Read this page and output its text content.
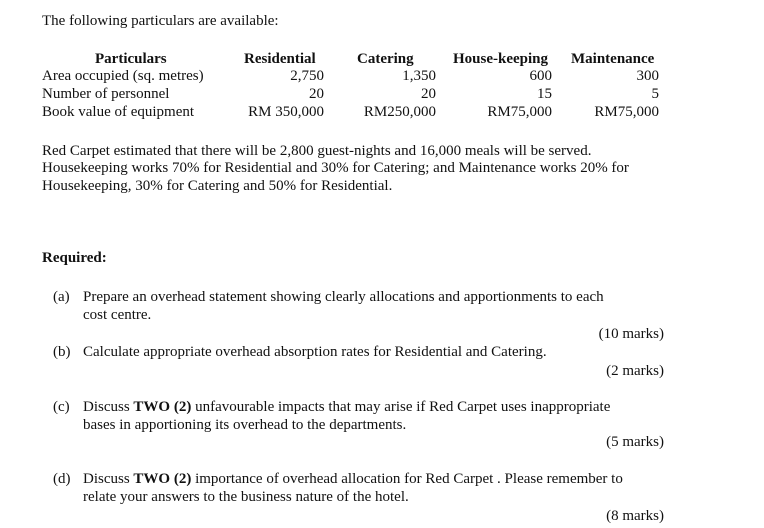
The following particulars are available:
Particulars	Residential	Catering	House-keeping Maintenance
Area occupied (sq. metres)	2,750	1,350	600	300
Number of personnel	20	20	15	5
Book value of equipment	RM 350,000	RM250,000	RM75,000	RM75,000
Red Carpet estimated that there will be 2,800 guest-nights and 16,000 meals will be served.
Housekeeping works 70% for Residential and 30% for Catering; and Maintenance works 20% for
Housekeeping, 30% for Catering and 50% for Residential.
Required:
(a) Prepare an overhead statement showing clearly allocations and apportionments to each
cost centre.
(10 marks)
(b) Calculate appropriate overhead absorption rates for Residential and Catering.
(2 marks)
(c) Discuss TWO (2) unfavourable impacts that may arise if Red Carpet uses inappropriate
bases in apportioning its overhead to the departments.
(5 marks)
(d) Discuss TWO (2) importance of overhead allocation for Red Carpet . Please remember to
relate your answers to the business nature of the hotel.
(8 marks)
